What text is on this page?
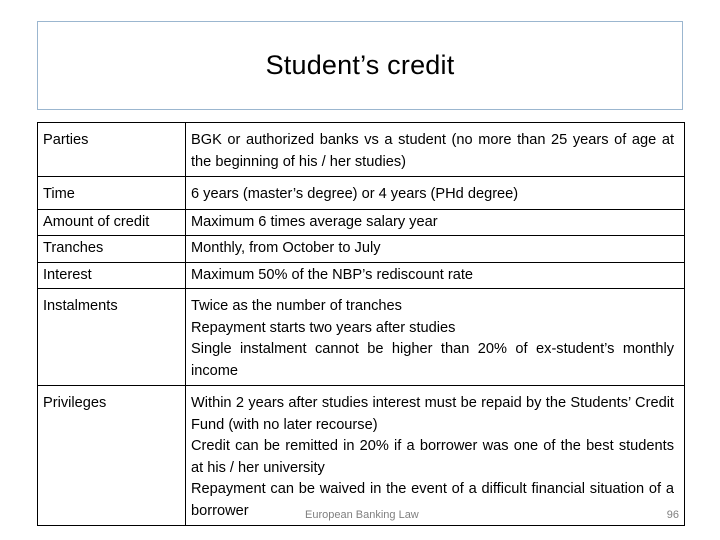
Student’s credit
Parties	BGK or authorized banks vs a student (no more than 25 years of age at the beginning of his / her studies)

Time	6 years (master’s degree) or 4 years (PHd degree)

Amount of credit	Maximum 6 times average salary year

Tranches	Monthly, from October to July

Interest	Maximum 50% of the NBP’s rediscount rate

Instalments	Twice as the number of tranches
Repayment starts two years after studies
Single instalment cannot be higher than 20% of ex-student’s monthly income

Privileges	Within 2 years after studies interest must be repaid by the Students’ Credit Fund (with no later recourse)
Credit can be remitted in 20% if a borrower was one of the best students at his / her university
Repayment can be waived in the event of a difficult financial situation of a borrower	European Banking Law	96
